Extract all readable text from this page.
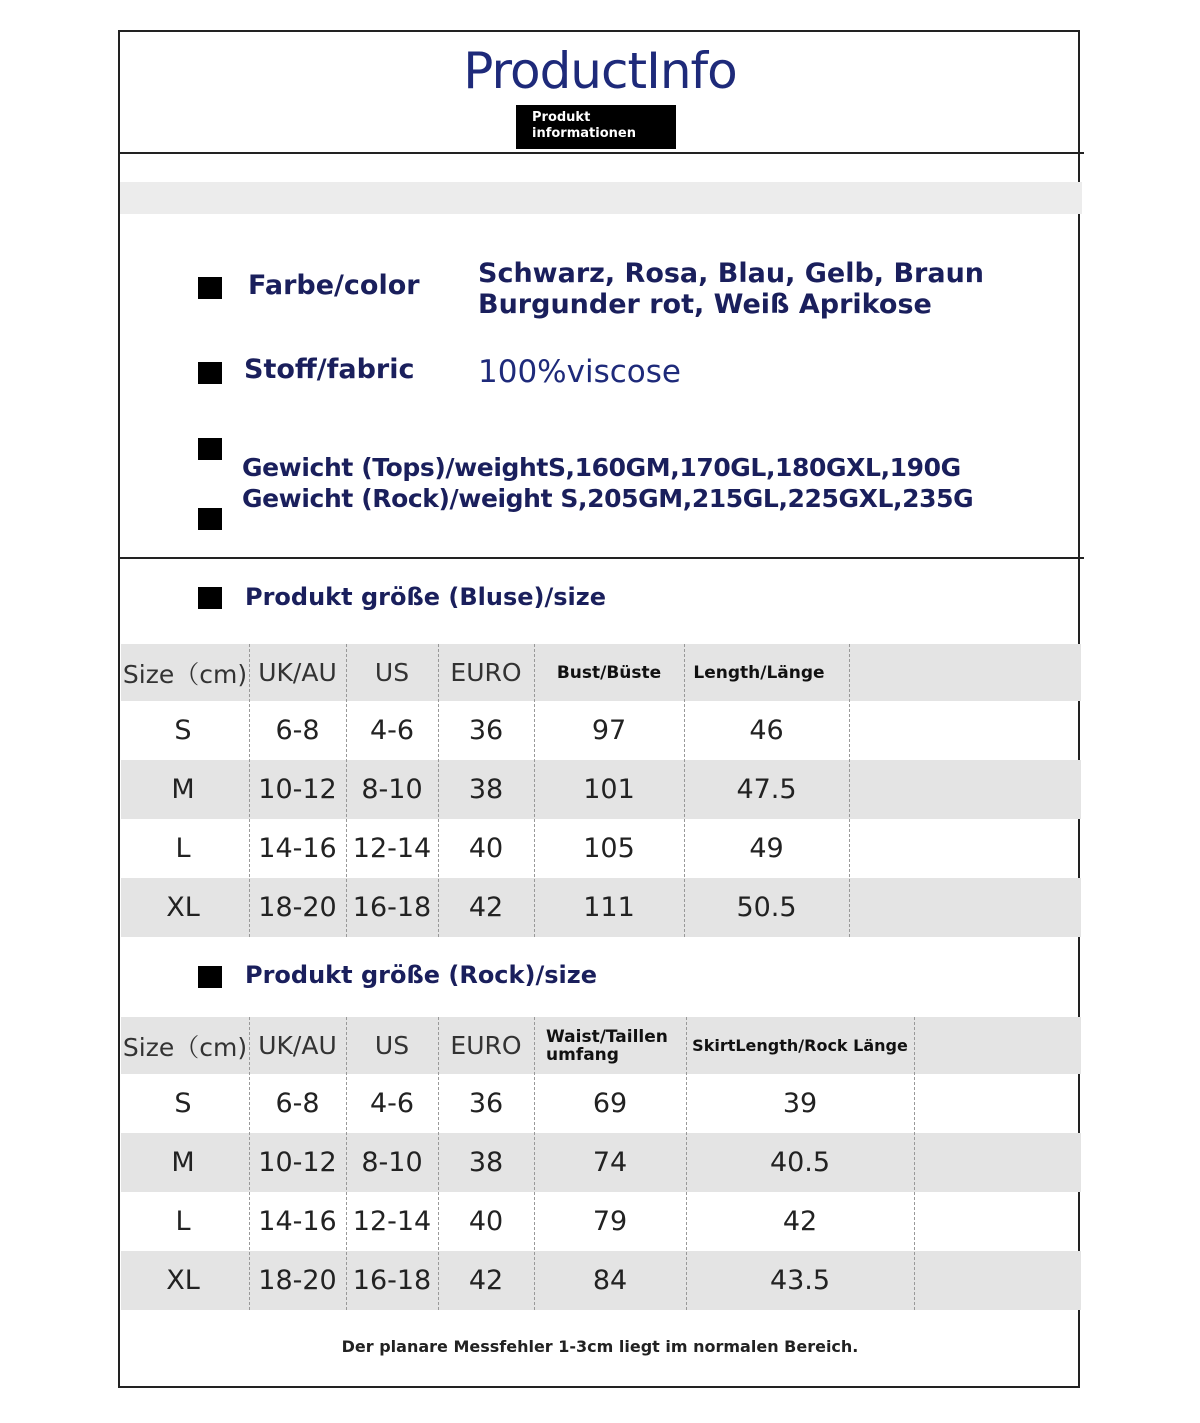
ProductInfo
Produkt
informationen
Farbe/color Schwarz, Rosa, Blau, Gelb, Braun
Burgunder rot, Weiß Aprikose
Stoff/fabric 100%viscose
Gewicht (Tops)/weightS,160GM,170GL,180GXL,190G
Gewicht (Rock)/weight S,205GM,215GL,225GXL,235G
Produkt größe (Bluse)/size
Size（cm) UK/AU	US	EURO	Bust/Büste	Length/Länge
S	6-8	4-6	36	97	46
M	10-12 8-10	38	101	47.5
L	14-16 12-14	40	105	49
XL	18-20 16-18	42	111	50.5
Produkt größe (Rock)/size
Size（cm) UK/AU	US	EURO	Waist/Taillen
umfang	SkirtLength/Rock Länge
S	6-8	4-6	36	69	39
M	10-12 8-10	38	74	40.5
L	14-16 12-14	40	79	42
XL	18-20 16-18	42	84	43.5
Der planare Messfehler 1-3cm liegt im normalen Bereich.
